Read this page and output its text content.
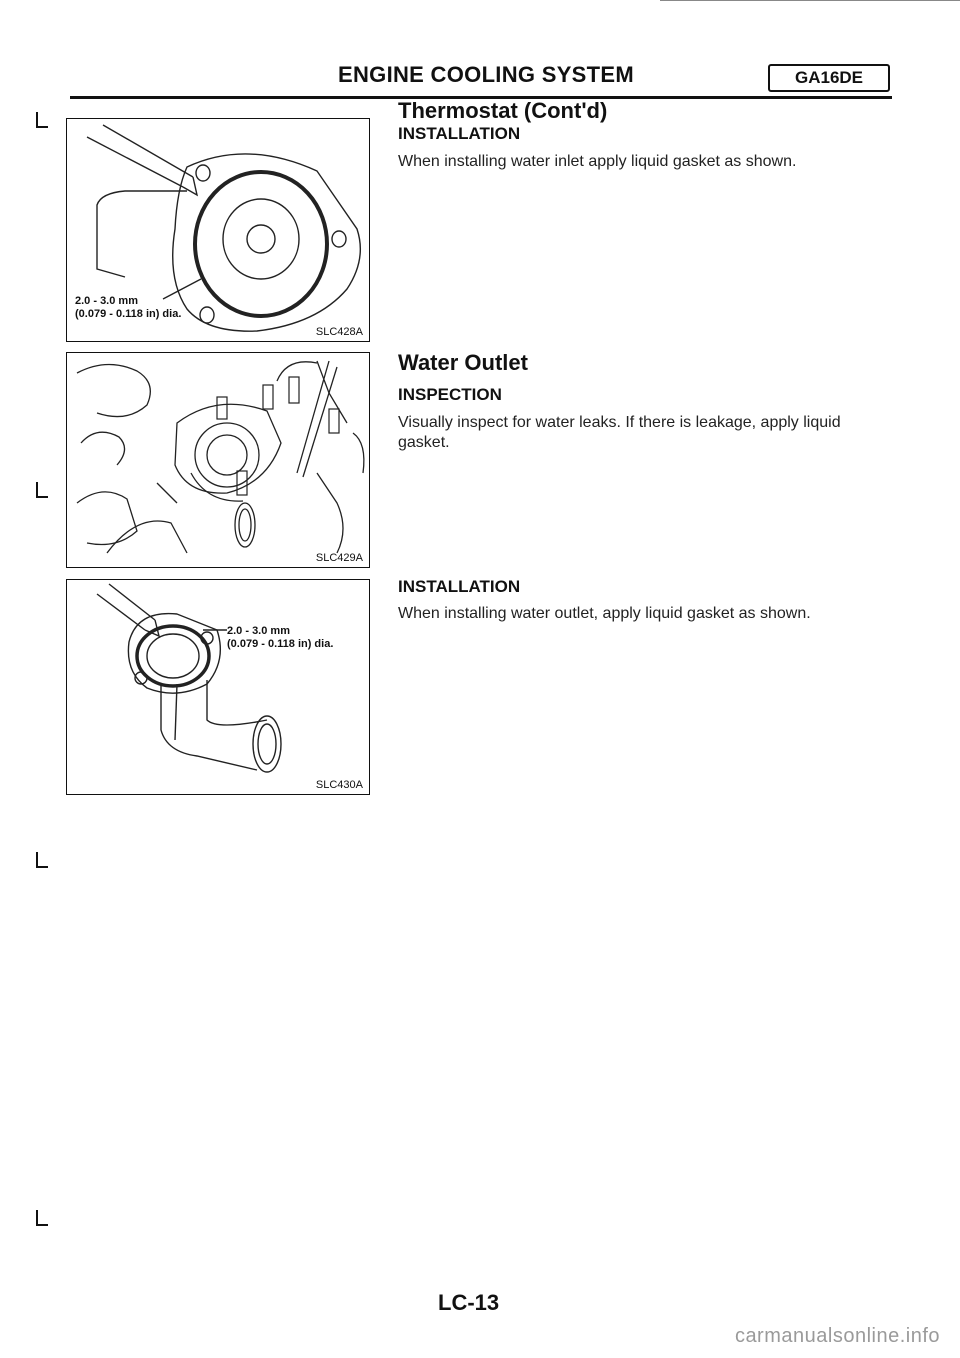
ENGINE COOLING SYSTEM	GA16DE
Thermostat (Cont'd)
INSTALLATION
When installing water inlet apply liquid gasket as shown.
Water Outlet
INSPECTION
Visually inspect for water leaks. If there is leakage, apply liquid
gasket.
INSTALLATION
When installing water outlet, apply liquid gasket as shown.
2.0 - 3.0 mm
(0.079 - 0.118 in) dia.
SLC428A
SLC429A
2.0 - 3.0 mm
(0.079 - 0.118 in) dia.
SLC430A
LC-13
carmanualsonline.info
